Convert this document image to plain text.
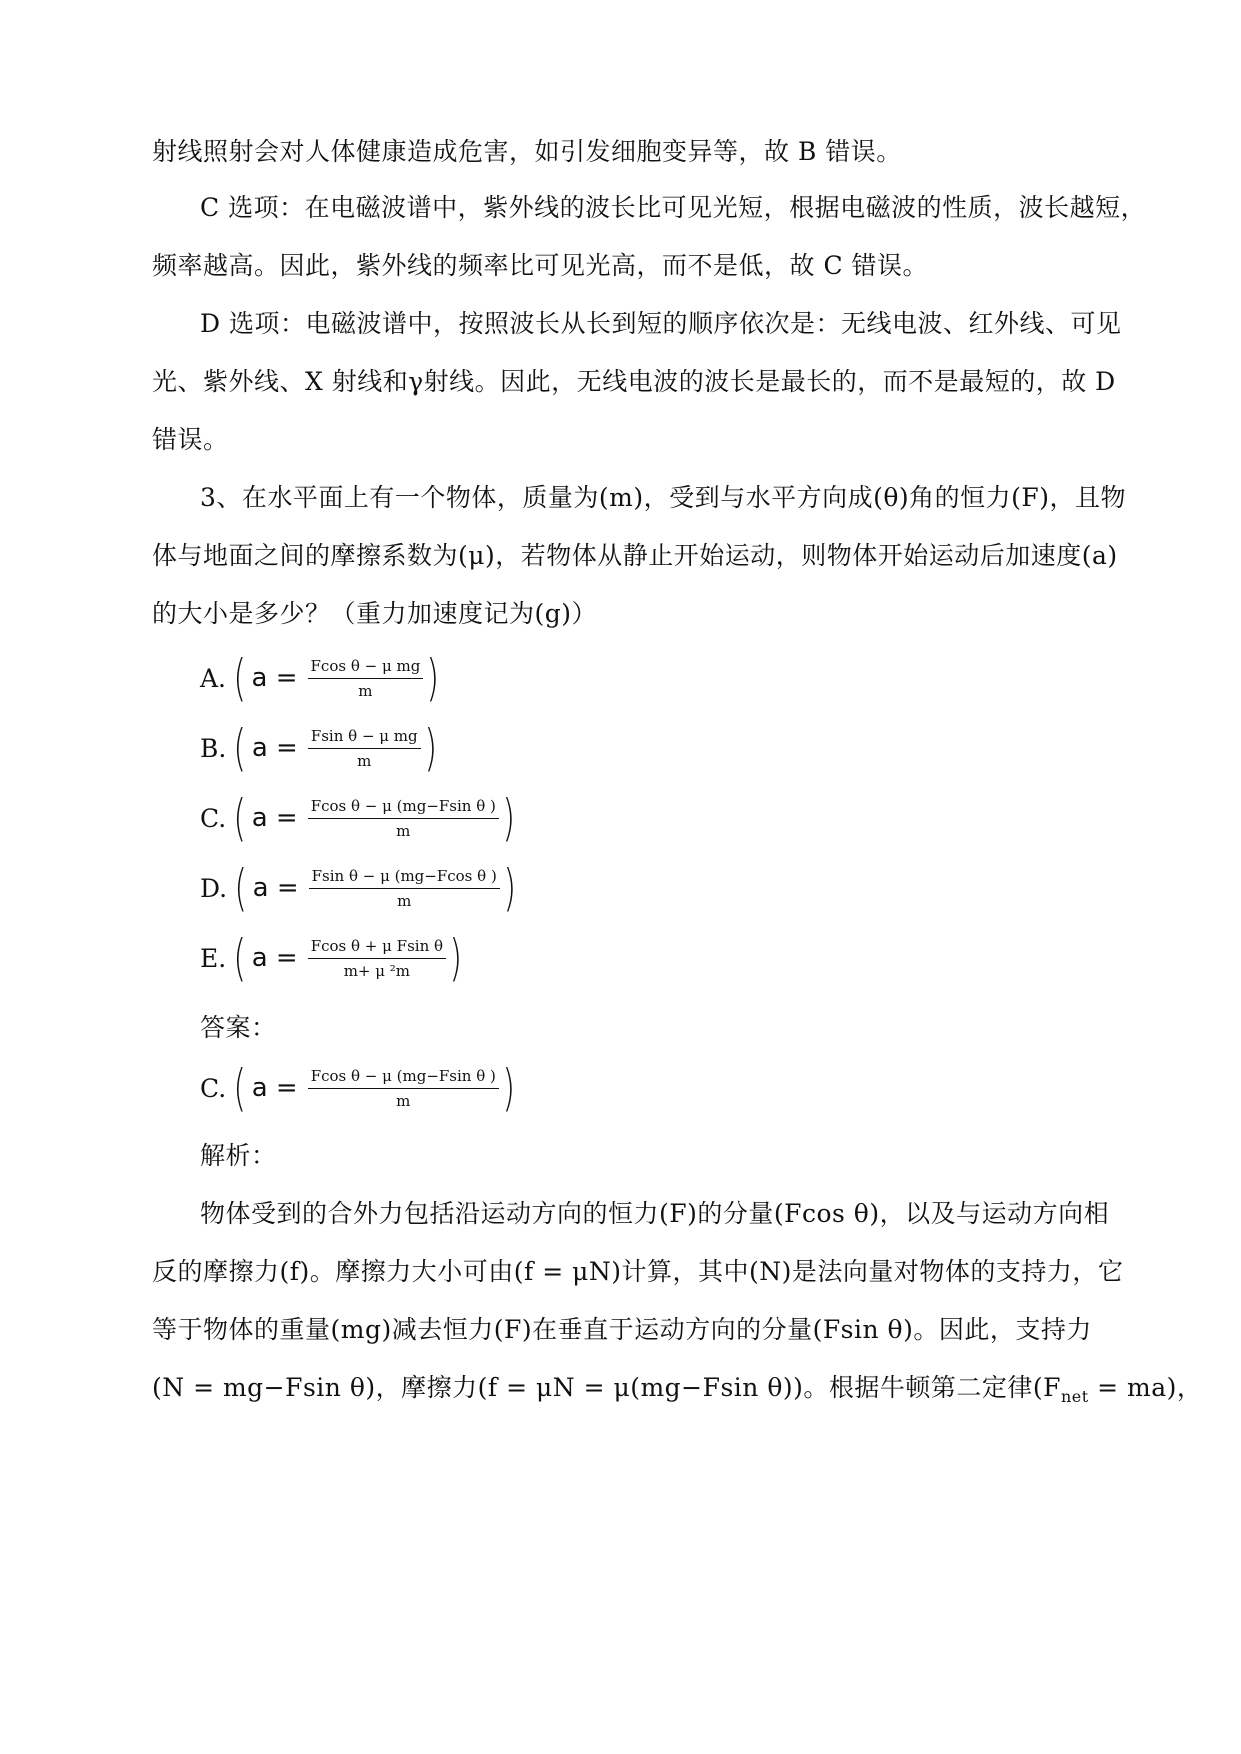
射线照射会对人体健康造成危害，如引发细胞变异等，故 B 错误。
C 选项：在电磁波谱中，紫外线的波长比可见光短，根据电磁波的性质，波长越短，
频率越高。因此，紫外线的频率比可见光高，而不是低，故 C 错误。
D 选项：电磁波谱中，按照波长从长到短的顺序依次是：无线电波、红外线、可见
光、紫外线、X 射线和γ射线。因此，无线电波的波长是最长的，而不是最短的，故 D
错误。
3、在水平面上有一个物体，质量为(m)，受到与水平方向成(θ)角的恒力(F)，且物
体与地面之间的摩擦系数为(μ)，若物体从静止开始运动，则物体开始运动后加速度(a)
的大小是多少？（重力加速度记为(g)）
A. ( $a = \frac{\text{Fcos θ − μ mg}}{m}$ )
B. ( $a = \frac{\text{Fsin θ − μ mg}}{m}$ )
C. ( $a = \frac{\text{Fcos θ − μ (mg−Fsin θ )}}{m}$ )
D. ( $a = \frac{\text{Fsin θ − μ (mg−Fcos θ )}}{m}$ )
E. ( $a = \frac{\text{Fcos θ + μ Fsin θ}}{\text{m+ μ ²m}}$ )
答案：
C. ( $a = \frac{\text{Fcos θ − μ (mg−Fsin θ )}}{m}$ )
解析：
物体受到的合外力包括沿运动方向的恒力(F)的分量(Fcos θ)，以及与运动方向相
反的摩擦力(f)。摩擦力大小可由(f = μN)计算，其中(N)是法向量对物体的支持力，它
等于物体的重量(mg)减去恒力(F)在垂直于运动方向的分量(Fsin θ)。因此，支持力
(N = mg−Fsin θ)，摩擦力(f = μN = μ(mg−Fsin θ))。根据牛顿第二定律$(F_{net} = ma)$，
